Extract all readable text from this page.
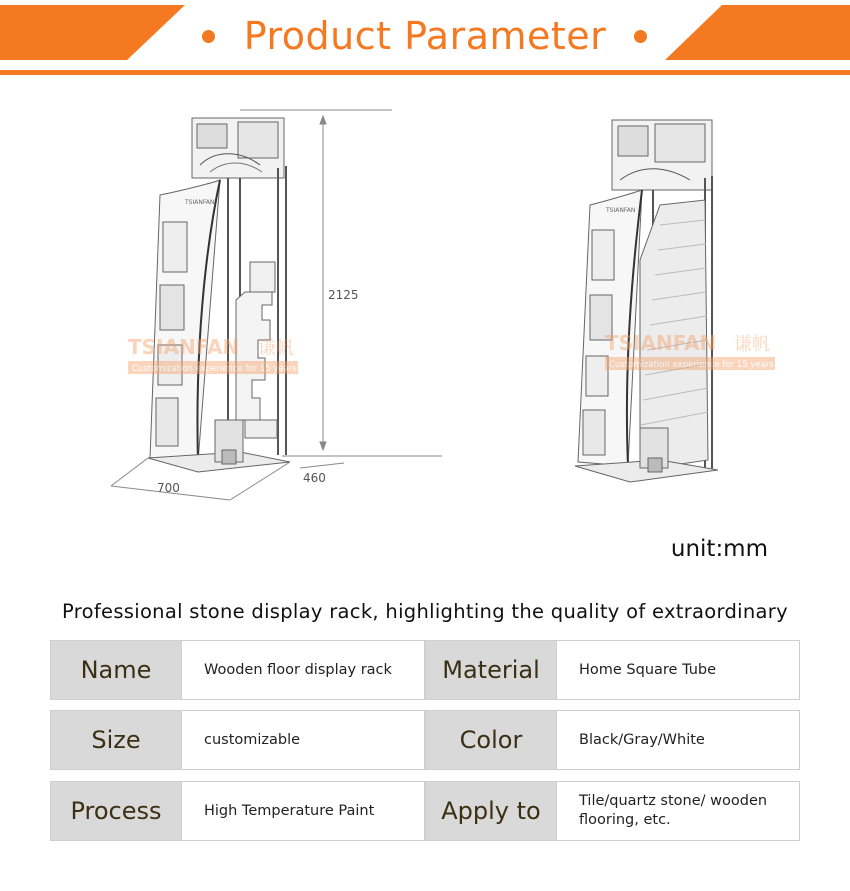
Product Parameter
2125
700
460
TSIANFAN
TSIANFAN
TSIANFAN 谦帆
Customization experience for 15 years
TSIANFAN 谦帆
Customization experience for 15 years
unit:mm
Professional stone display rack, highlighting the quality of extraordinary
Name	Wooden floor display rack	Material	Home Square Tube
Size	customizable	Color	Black/Gray/White
Process	High Temperature Paint	Apply to	Tile/quartz stone/ wooden flooring, etc.
